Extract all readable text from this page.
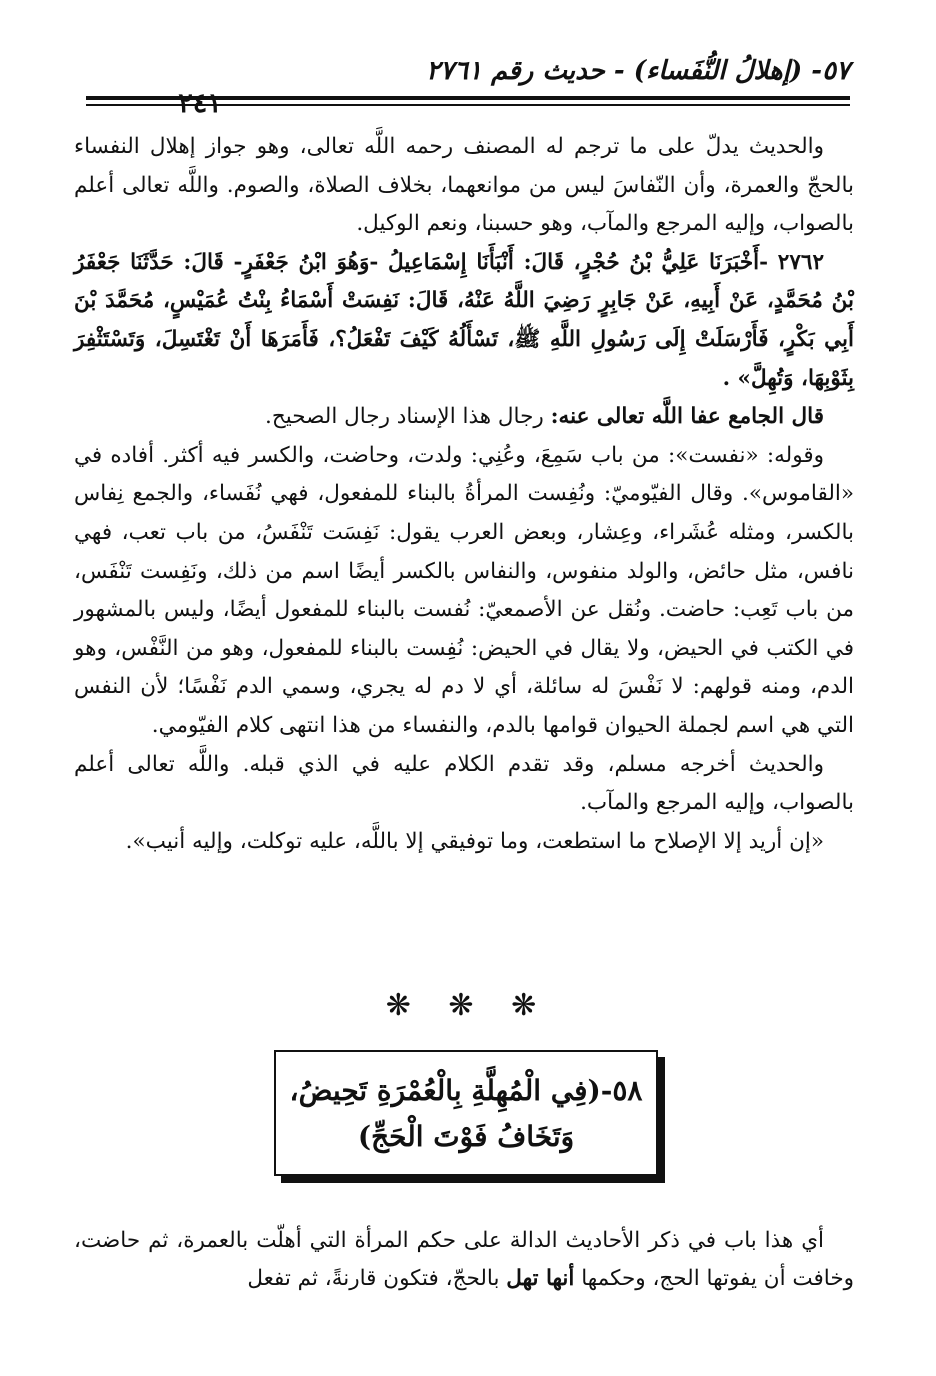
٥٧- (إهلالُ النُّفَساء) - حديث رقم ٢٧٦١

والحديث يدلّ على ما ترجم له المصنف رحمه اللَّه تعالى، وهو جواز إهلال النفساء بالحجّ والعمرة، وأن النّفاسَ ليس من موانعهما، بخلاف الصلاة، والصوم. واللَّه تعالى أعلم بالصواب، وإليه المرجع والمآب، وهو حسبنا، ونعم الوكيل.

٢٧٦٢ -أَخْبَرَنَا عَلِيُّ بْنُ حُجْرٍ، قَالَ: أَنْبَأَنَا إِسْمَاعِيلُ -وَهُوَ ابْنُ جَعْفَرٍ- قَالَ: حَدَّثَنَا جَعْفَرُ بْنُ مُحَمَّدٍ، عَنْ أَبِيهِ، عَنْ جَابِرٍ رَضِيَ اللَّهُ عَنْهُ، قَالَ: نَفِسَتْ أَسْمَاءُ بِنْتُ عُمَيْسٍ، مُحَمَّدَ بْنَ أَبِي بَكْرٍ، فَأَرْسَلَتْ إِلَى رَسُولِ اللَّهِ ﷺ، تَسْأَلُهُ كَيْفَ تَفْعَلُ؟، فَأَمَرَهَا أَنْ تَغْتَسِلَ، وَتَسْتَثْفِرَ بِثَوْبِهَا، وَتُهِلَّ» .

قال الجامع عفا اللَّه تعالى عنه: رجال هذا الإسناد رجال الصحيح.

وقوله: «نفست»: من باب سَمِعَ، وعُنِي: ولدت، وحاضت، والكسر فيه أكثر. أفاده في «القاموس». وقال الفيّوميّ: ونُفِست المرأةُ بالبناء للمفعول، فهي نُفَساء، والجمع نِفاس بالكسر، ومثله عُشَراء، وعِشار، وبعض العرب يقول: نَفِسَت تَنْفَسُ، من باب تعب، فهي نافس، مثل حائض، والولد منفوس، والنفاس بالكسر أيضًا اسم من ذلك، ونَفِست تَنْفَس، من باب تَعِب: حاضت. ونُقل عن الأصمعيّ: نُفست بالبناء للمفعول أيضًا، وليس بالمشهور في الكتب في الحيض، ولا يقال في الحيض: نُفِست بالبناء للمفعول، وهو من النَّفْس، وهو الدم، ومنه قولهم: لا نَفْسَ له سائلة، أي لا دم له يجري، وسمي الدم نَفْسًا؛ لأن النفس التي هي اسم لجملة الحيوان قوامها بالدم، والنفساء من هذا انتهى كلام الفيّومي.

والحديث أخرجه مسلم، وقد تقدم الكلام عليه في الذي قبله. واللَّه تعالى أعلم بالصواب، وإليه المرجع والمآب.

«إن أريد إلا الإصلاح ما استطعت، وما توفيقي إلا باللَّه، عليه توكلت، وإليه أنيب».

❋ ❋ ❋
٥٨-(فِي الْمُهِلَّةِ بِالْعُمْرَةِ تَحِيضُ،
وَتَخَافُ فَوْتَ الْحَجِّ)

أي هذا باب في ذكر الأحاديث الدالة على حكم المرأة التي أهلّت بالعمرة، ثم حاضت، وخافت أن يفوتها الحج، وحكمها أنها تهل بالحجّ، فتكون قارنةً، ثم تفعل
